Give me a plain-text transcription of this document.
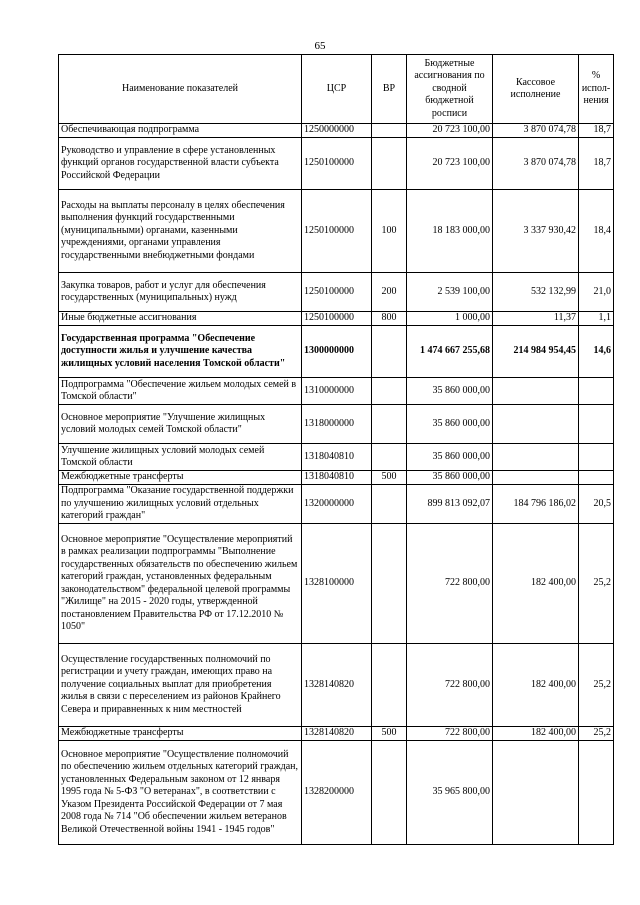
65
Наименование показателей	ЦСР	ВР	Бюджетные ассигнования по сводной бюджетной росписи	Кассовое исполнение	% испол-нения
Обеспечивающая подпрограмма	1250000000		20 723 100,00	3 870 074,78	18,7
Руководство и управление в сфере установленных функций органов государственной власти субъекта Российской Федерации	1250100000		20 723 100,00	3 870 074,78	18,7
Расходы на выплаты персоналу в целях обеспечения выполнения функций государственными (муниципальными) органами, казенными учреждениями, органами управления государственными внебюджетными фондами	1250100000	100	18 183 000,00	3 337 930,42	18,4
Закупка товаров, работ и услуг для обеспечения государственных (муниципальных) нужд	1250100000	200	2 539 100,00	532 132,99	21,0
Иные бюджетные ассигнования	1250100000	800	1 000,00	11,37	1,1
Государственная программа "Обеспечение доступности жилья и улучшение качества жилищных условий населения Томской области"	1300000000		1 474 667 255,68	214 984 954,45	14,6
Подпрограмма "Обеспечение жильем молодых семей в Томской области"	1310000000		35 860 000,00		
Основное мероприятие "Улучшение жилищных условий молодых семей Томской области"	1318000000		35 860 000,00		
Улучшение жилищных условий молодых семей Томской области	1318040810		35 860 000,00		
Межбюджетные трансферты	1318040810	500	35 860 000,00		
Подпрограмма "Оказание государственной поддержки по улучшению жилищных условий отдельных категорий граждан"	1320000000		899 813 092,07	184 796 186,02	20,5
Основное мероприятие "Осуществление мероприятий в рамках реализации подпрограммы "Выполнение государственных обязательств по обеспечению жильем категорий граждан, установленных федеральным законодательством" федеральной целевой программы "Жилище" на 2015 - 2020 годы, утвержденной постановлением Правительства РФ от 17.12.2010 № 1050"	1328100000		722 800,00	182 400,00	25,2
Осуществление государственных полномочий по регистрации и учету граждан, имеющих право на получение социальных выплат для приобретения жилья в связи с переселением из районов Крайнего Севера и приравненных к ним местностей	1328140820		722 800,00	182 400,00	25,2
Межбюджетные трансферты	1328140820	500	722 800,00	182 400,00	25,2
Основное мероприятие "Осуществление полномочий по обеспечению жильем отдельных категорий граждан, установленных Федеральным законом от 12 января 1995 года № 5-ФЗ "О ветеранах", в соответствии с Указом Президента Российской Федерации от 7 мая 2008 года № 714 "Об обеспечении жильем ветеранов Великой Отечественной войны 1941 - 1945 годов"	1328200000		35 965 800,00		
